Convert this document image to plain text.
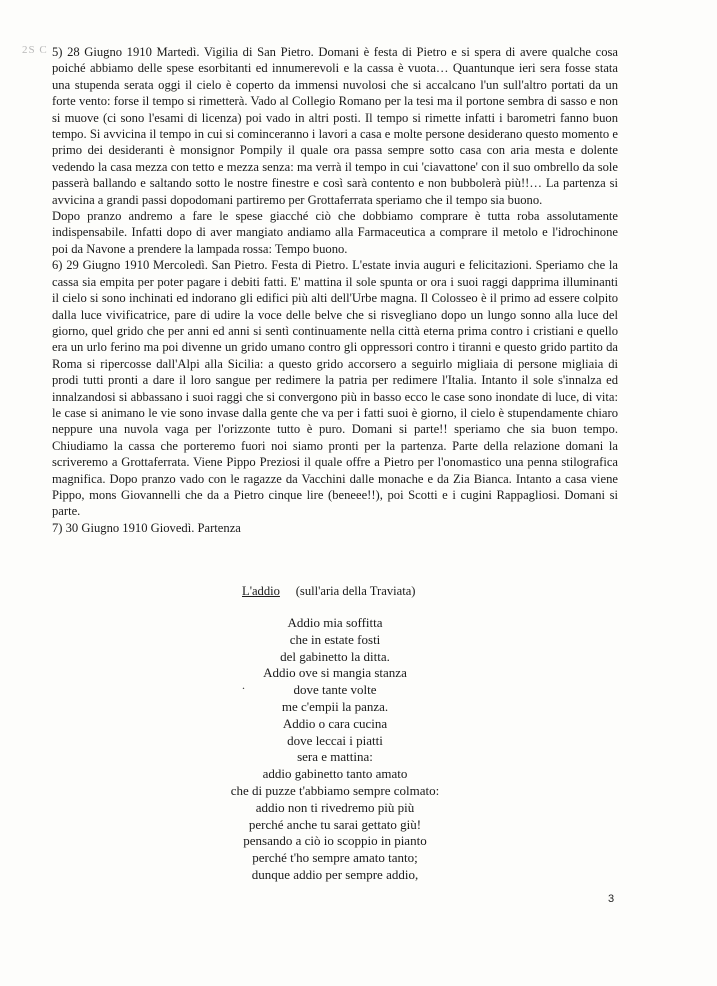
2S C 5) 28 Giugno 1910 Martedì. Vigilia di San Pietro. Domani è festa di Pietro e si spera di avere qualche cosa poiché abbiamo delle spese esorbitanti ed innumerevoli e la cassa è vuota… Quantunque ieri sera fosse stata una stupenda serata oggi il cielo è coperto da immensi nuvolosi che si accalcano l'un sull'altro portati da un forte vento: forse il tempo si rimetterà. Vado al Collegio Romano per la tesi ma il portone sembra di sasso e non si muove (ci sono l'esami di licenza) poi vado in altri posti. Il tempo si rimette infatti i barometri fanno buon tempo. Si avvicina il tempo in cui si cominceranno i lavori a casa e molte persone desiderano questo momento e primo dei desideranti è monsignor Pompily il quale ora passa sempre sotto casa con aria mesta e dolente vedendo la casa mezza con tetto e mezza senza: ma verrà il tempo in cui 'ciavattone' con il suo ombrello da sole passerà ballando e saltando sotto le nostre finestre e così sarà contento e non bubbolerà più!!… La partenza si avvicina a grandi passi dopodomani partiremo per Grottaferrata speriamo che il tempo sia buono.

Dopo pranzo andremo a fare le spese giacché ciò che dobbiamo comprare è tutta roba assolutamente indispensabile. Infatti dopo di aver mangiato andiamo alla Farmaceutica a comprare il metolo e l'idrochinone poi da Navone a prendere la lampada rossa: Tempo buono.

6) 29 Giugno 1910 Mercoledì. San Pietro. Festa di Pietro. L'estate invia auguri e felicitazioni. Speriamo che la cassa sia empita per poter pagare i debiti fatti. E' mattina il sole spunta or ora i suoi raggi dapprima illuminanti il cielo si sono inchinati ed indorano gli edifici più alti dell'Urbe magna. Il Colosseo è il primo ad essere colpito dalla luce vivificatrice, pare di udire la voce delle belve che si risvegliano dopo un lungo sonno alla luce del giorno, quel grido che per anni ed anni si sentì continuamente nella città eterna prima contro i cristiani e quello era un urlo ferino ma poi divenne un grido umano contro gli oppressori contro i tiranni e questo grido partito da Roma si ripercosse dall'Alpi alla Sicilia: a questo grido accorsero a seguirlo migliaia di persone migliaia di prodi tutti pronti a dare il loro sangue per redimere la patria per redimere l'Italia. Intanto il sole s'innalza ed innalzandosi si abbassano i suoi raggi che si convergono più in basso ecco le case sono inondate di luce, di vita: le case si animano le vie sono invase dalla gente che va per i fatti suoi è giorno, il cielo è stupendamente chiaro neppure una nuvola vaga per l'orizzonte tutto è puro. Domani si parte!! speriamo che sia buon tempo. Chiudiamo la cassa che porteremo fuori noi siamo pronti per la partenza. Parte della relazione domani la scriveremo a Grottaferrata. Viene Pippo Preziosi il quale offre a Pietro per l'onomastico una penna stilografica magnifica. Dopo pranzo vado con le ragazze da Vacchini dalle monache e da Zia Bianca. Intanto a casa viene Pippo, mons Giovannelli che da a Pietro cinque lire (beneee!!), poi Scotti e i cugini Rappagliosi. Domani si parte.

7) 30 Giugno 1910 Giovedì. Partenza

L'addio (sull'aria della Traviata)
Addio mia soffitta
che in estate fosti
del gabinetto la ditta.
Addio ove si mangia stanza
dove tante volte
me c'empii la panza.
Addio o cara cucina
dove leccai i piatti
sera e mattina:
addio gabinetto tanto amato
che di puzze t'abbiamo sempre colmato:
addio non ti rivedremo più più
perché anche tu sarai gettato giù!
pensando a ciò io scoppio in pianto
perché t'ho sempre amato tanto;
dunque addio per sempre addio,
.
3
